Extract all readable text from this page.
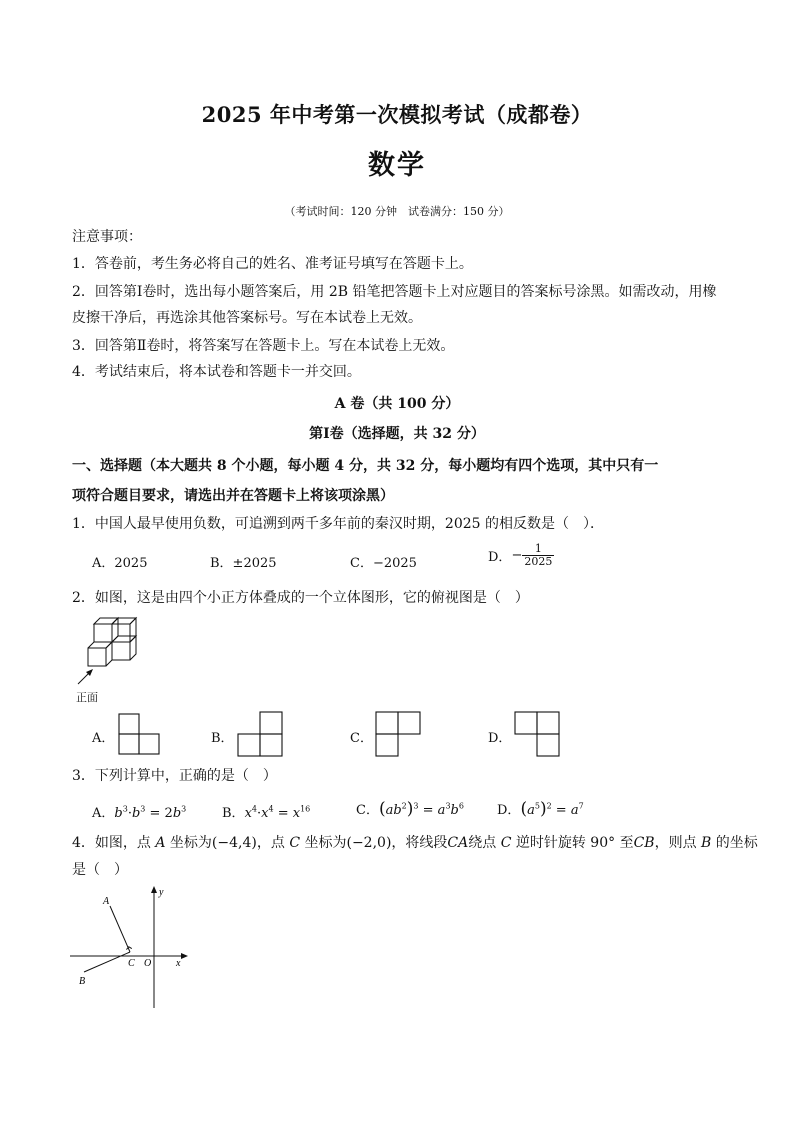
2025 年中考第一次模拟考试（成都卷）
数学
（考试时间：120 分钟　试卷满分：150 分）
注意事项：
1．答卷前，考生务必将自己的姓名、准考证号填写在答题卡上。
2．回答第Ⅰ卷时，选出每小题答案后，用 2B 铅笔把答题卡上对应题目的答案标号涂黑。如需改动，用橡
皮擦干净后，再选涂其他答案标号。写在本试卷上无效。
3．回答第Ⅱ卷时，将答案写在答题卡上。写在本试卷上无效。
4．考试结束后，将本试卷和答题卡一并交回。
A 卷（共 100 分）
第Ⅰ卷（选择题，共 32 分）
一、选择题（本大题共 8 个小题，每小题 4 分，共 32 分，每小题均有四个选项，其中只有一
项符合题目要求，请选出并在答题卡上将该项涂黑）
1．中国人最早使用负数，可追溯到两千多年前的秦汉时期，2025 的相反数是（　）．
A．2025	B．±2025	C．−2025	D．− $\frac{1}{2025}$
2．如图，这是由四个小正方体叠成的一个立体图形，它的俯视图是（　）
正面
A．	B．	C．	D．
3．下列计算中，正确的是（　）
A．$b^3\cdot b^3 = 2b^3$	B．$x^4\cdot x^4 = x^{16}$	C．$(ab^2)^3 = a^3b^6$	D．$(a^5)^2 = a^7$
4．如图，点 A 坐标为(−4,4)，点 C 坐标为(−2,0)，将线段CA绕点 C 逆时针旋转 90° 至CB，则点 B 的坐标
是（　）
A
B
C O x
y
